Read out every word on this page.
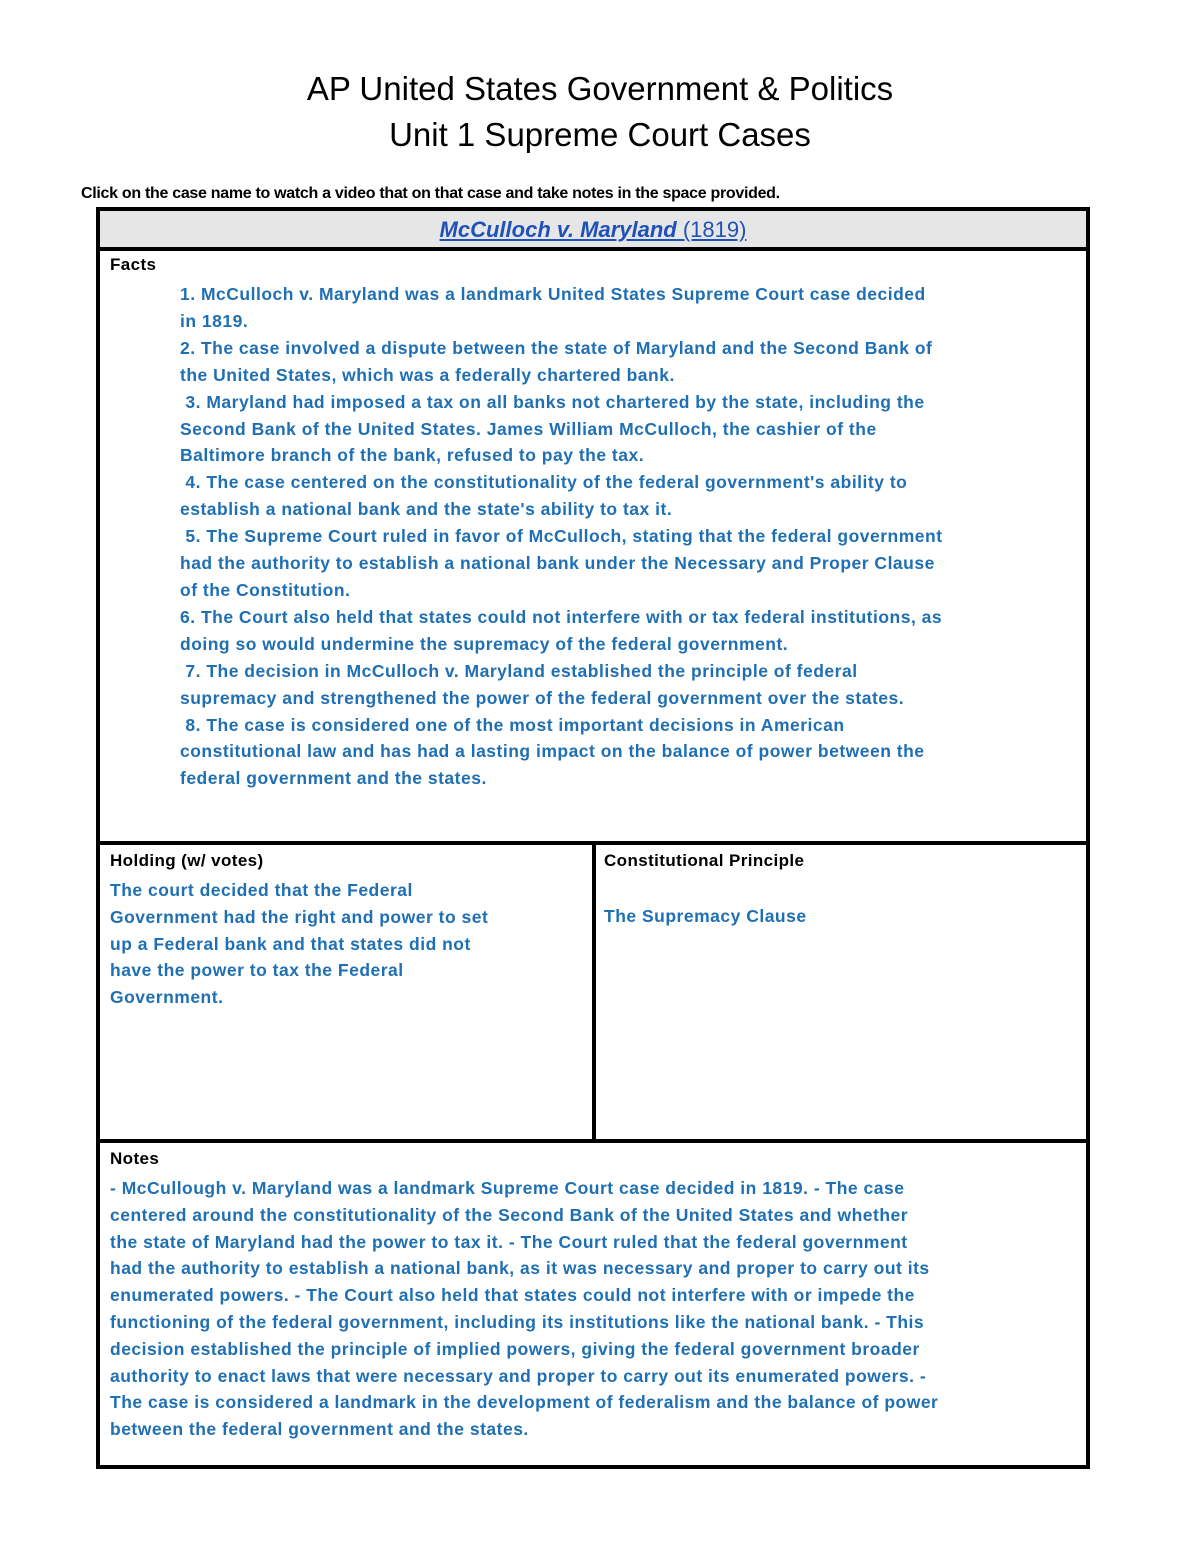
AP United States Government & Politics
Unit 1 Supreme Court Cases
Click on the case name to watch a video that on that case and take notes in the space provided.
McCulloch v. Maryland (1819)
Facts
1. McCulloch v. Maryland was a landmark United States Supreme Court case decided
in 1819.
2. The case involved a dispute between the state of Maryland and the Second Bank of
the United States, which was a federally chartered bank.
3. Maryland had imposed a tax on all banks not chartered by the state, including the
Second Bank of the United States. James William McCulloch, the cashier of the
Baltimore branch of the bank, refused to pay the tax.
4. The case centered on the constitutionality of the federal government's ability to
establish a national bank and the state's ability to tax it.
5. The Supreme Court ruled in favor of McCulloch, stating that the federal government
had the authority to establish a national bank under the Necessary and Proper Clause
of the Constitution.
6. The Court also held that states could not interfere with or tax federal institutions, as
doing so would undermine the supremacy of the federal government.
7. The decision in McCulloch v. Maryland established the principle of federal
supremacy and strengthened the power of the federal government over the states.
8. The case is considered one of the most important decisions in American
constitutional law and has had a lasting impact on the balance of power between the
federal government and the states.
Holding (w/ votes)
The court decided that the Federal
Government had the right and power to set
up a Federal bank and that states did not
have the power to tax the Federal
Government.
Constitutional Principle
The Supremacy Clause
Notes
- McCullough v. Maryland was a landmark Supreme Court case decided in 1819. - The case
centered around the constitutionality of the Second Bank of the United States and whether
the state of Maryland had the power to tax it. - The Court ruled that the federal government
had the authority to establish a national bank, as it was necessary and proper to carry out its
enumerated powers. - The Court also held that states could not interfere with or impede the
functioning of the federal government, including its institutions like the national bank. - This
decision established the principle of implied powers, giving the federal government broader
authority to enact laws that were necessary and proper to carry out its enumerated powers. -
The case is considered a landmark in the development of federalism and the balance of power
between the federal government and the states.
